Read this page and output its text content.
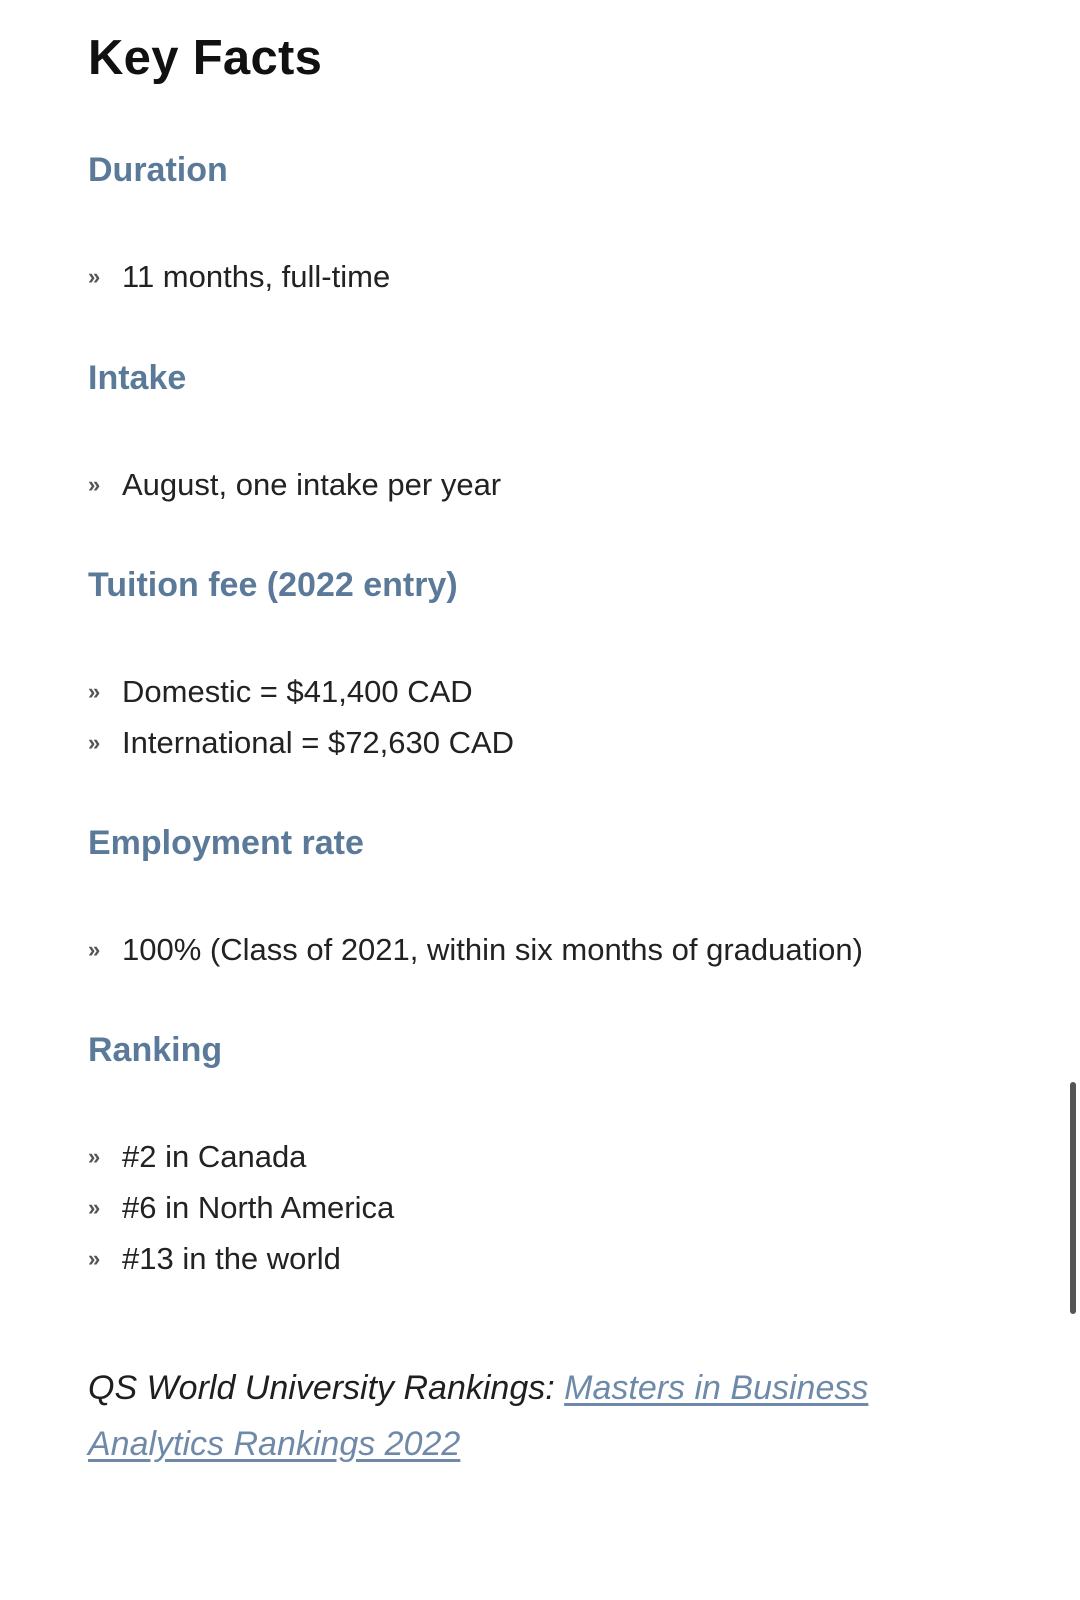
Key Facts
Duration
» 11 months, full-time
Intake
» August, one intake per year
Tuition fee (2022 entry)
» Domestic = $41,400 CAD
» International = $72,630 CAD
Employment rate
» 100% (Class of 2021, within six months of graduation)
Ranking
» #2 in Canada
» #6 in North America
» #13 in the world

QS World University Rankings: Masters in Business Analytics Rankings 2022
